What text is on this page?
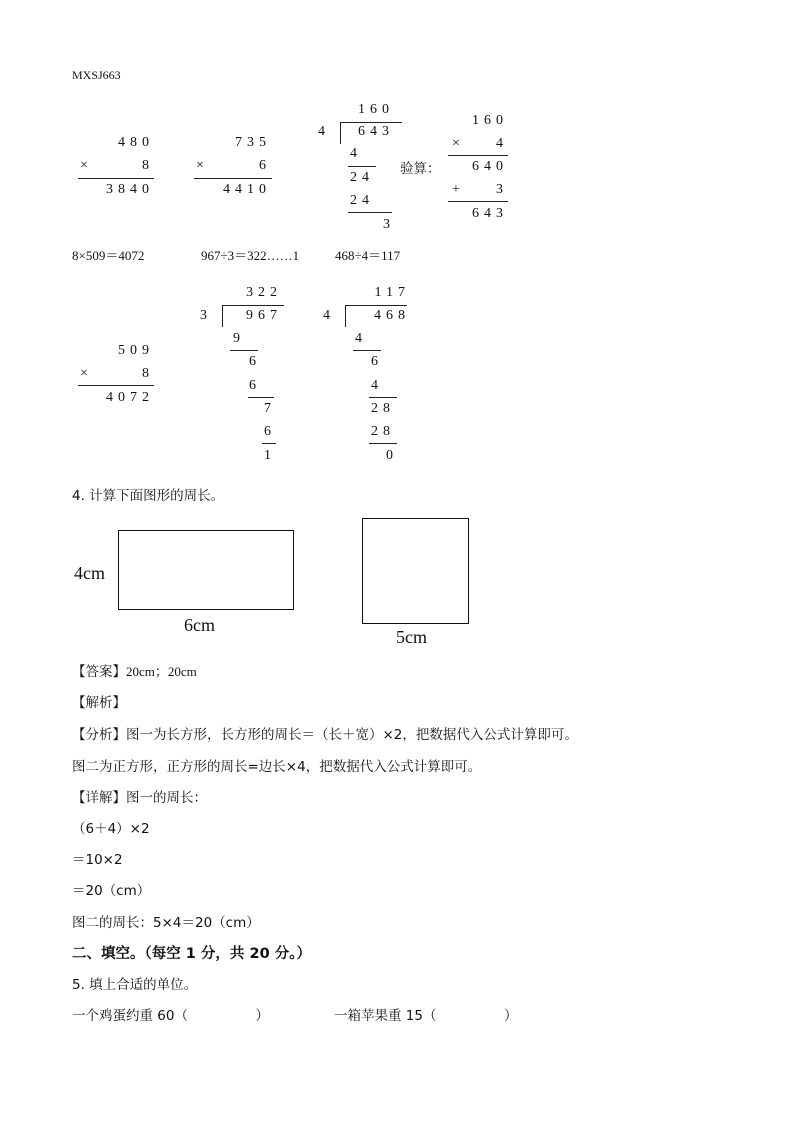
MXSJ663
480
×	8
3840
735
×	6
4410
160
4 643
4
24
24
3
验算：
160
×	4
640
+	3
643
8×509＝4072	967÷3＝322……1	468÷4＝117
509
×	8
4072
322
3	967
9
6
6
7
6
1
117
4	468
4
6
4
28
28
0
4. 计算下面图形的周长。
4cm
6cm
5cm
【答案】20cm；20cm
【解析】
【分析】图一为长方形，长方形的周长＝（长＋宽）×2，把数据代入公式计算即可。
图二为正方形，正方形的周长=边长×4，把数据代入公式计算即可。
【详解】图一的周长：
（6＋4）×2
＝10×2
＝20（cm）
图二的周长：5×4＝20（cm）
二、填空。（每空 1 分，共 20 分。）
5. 填上合适的单位。
一个鸡蛋约重 60（　　　　　）	一箱苹果重 15（　　　　　）
